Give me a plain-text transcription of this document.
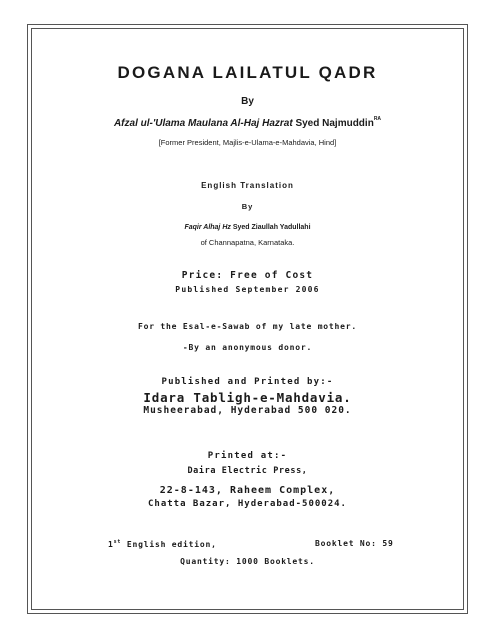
DOGANA LAILATUL QADR
By
Afzal ul-'Ulama Maulana Al-Haj Hazrat Syed Najmuddin$^{RA}$
[Former President, Majlis-e-Ulama-e-Mahdavia, Hind]
English Translation
By
Faqir Alhaj Hz Syed Ziaullah Yadullahi
of Channapatna, Karnataka.
Price: Free of Cost
Published September 2006
For the Esal-e-Sawab of my late mother.
-By an anonymous donor.
Published and Printed by:-
Idara Tabligh-e-Mahdavia.
Musheerabad, Hyderabad 500 020.
Printed at:-
Daira Electric Press,
22-8-143, Raheem Complex,
Chatta Bazar, Hyderabad-500024.
1st English edition,	Booklet No: 59
Quantity: 1000 Booklets.
